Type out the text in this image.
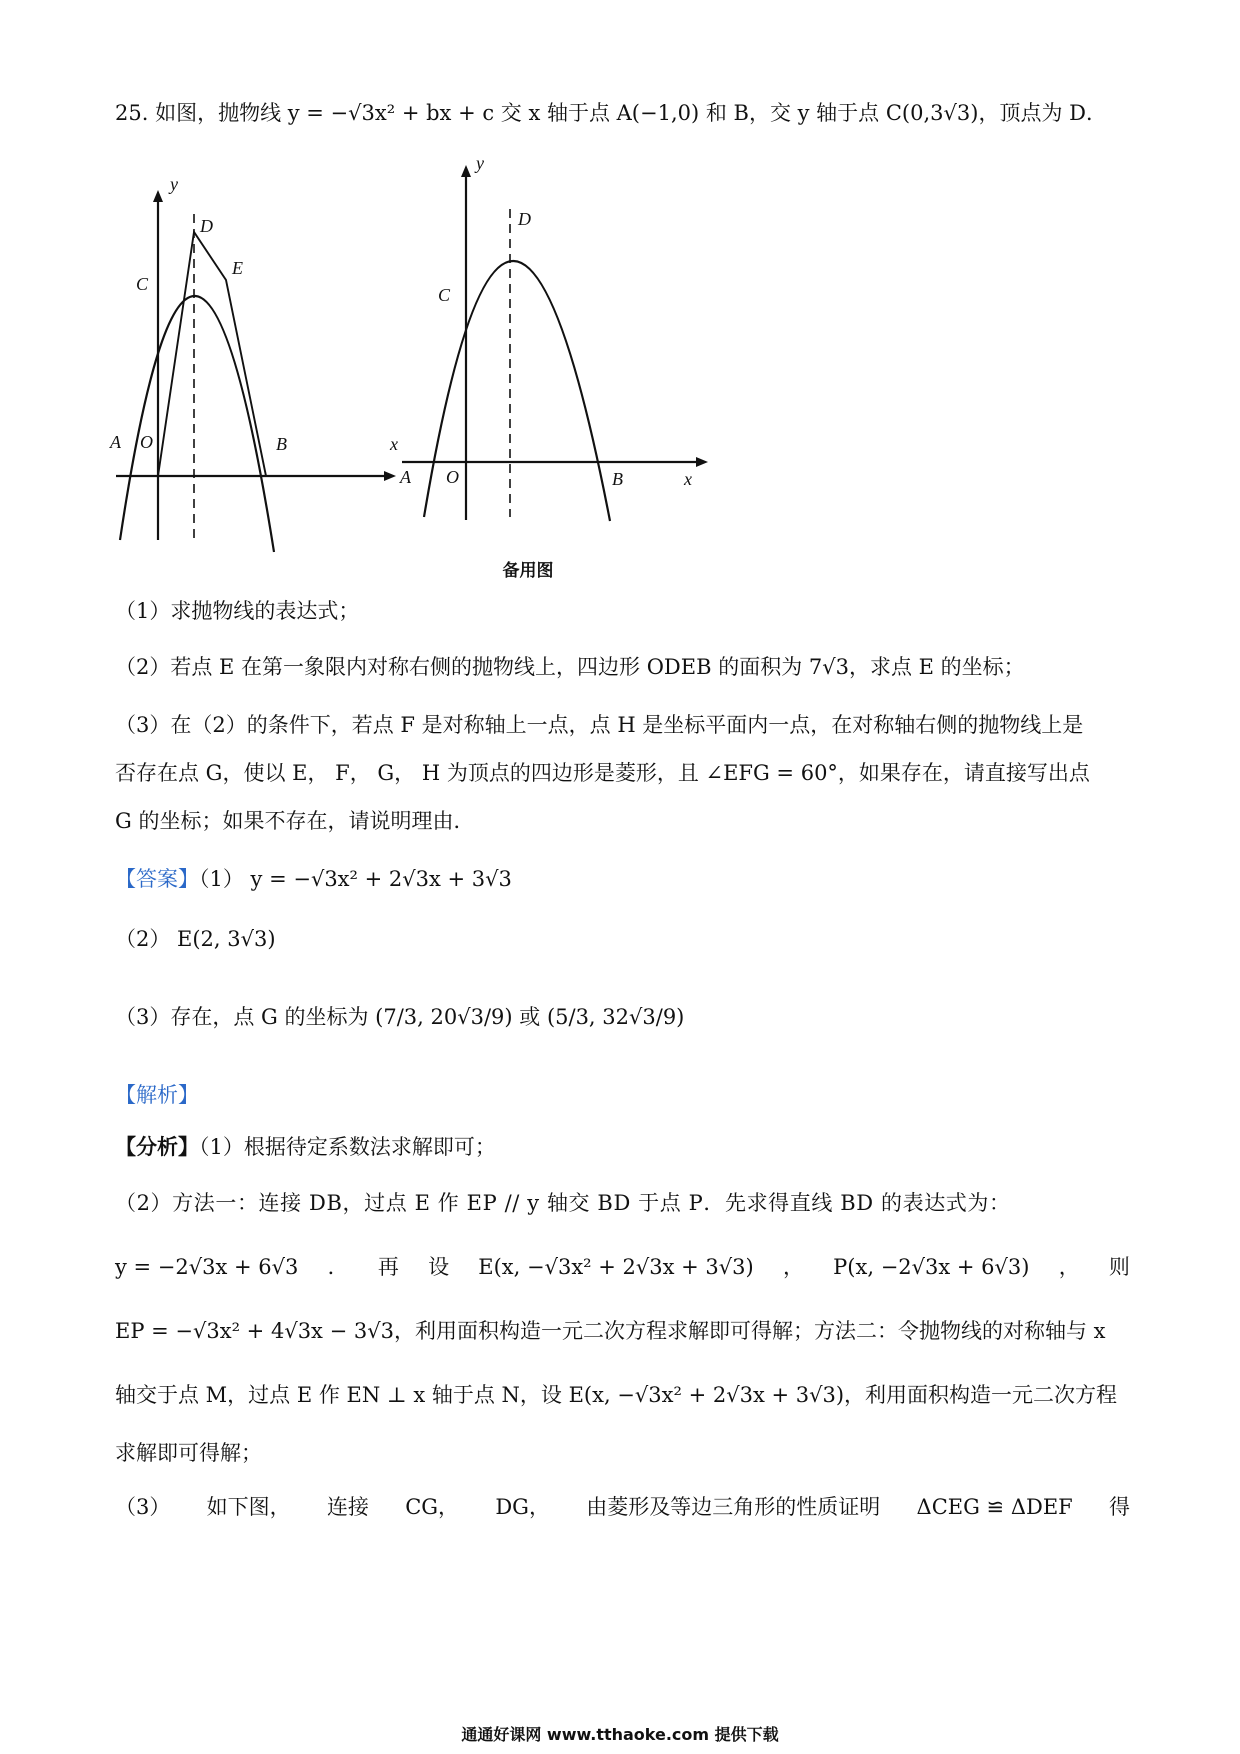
25. 如图，抛物线 y = −√3x² + bx + c 交 x 轴于点 A(−1,0) 和 B，交 y 轴于点 C(0,3√3)，顶点为 D．
y
x
C
D
E
A O	B
y
x
C
D
A O	B
备用图
（1）求抛物线的表达式；
（2）若点 E 在第一象限内对称右侧的抛物线上，四边形 ODEB 的面积为 7√3，求点 E 的坐标；
（3）在（2）的条件下，若点 F 是对称轴上一点，点 H 是坐标平面内一点，在对称轴右侧的抛物线上是
否存在点 G，使以 E， F， G， H 为顶点的四边形是菱形，且 ∠EFG = 60°，如果存在，请直接写出点
G 的坐标；如果不存在，请说明理由．
【答案】（1） y = −√3x² + 2√3x + 3√3
（2） E(2, 3√3)
（3）存在，点 G 的坐标为 (7/3, 20√3/9) 或 (5/3, 32√3/9)
【解析】
【分析】（1）根据待定系数法求解即可；
（2）方法一：连接 DB，过点 E 作 EP // y 轴交 BD 于点 P．先求得直线 BD 的表达式为：
y = −2√3x + 6√3 ． 再 设 E(x, −√3x² + 2√3x + 3√3) ， P(x, −2√3x + 6√3) ， 则
EP = −√3x² + 4√3x − 3√3，利用面积构造一元二次方程求解即可得解；方法二：令抛物线的对称轴与 x
轴交于点 M，过点 E 作 EN ⊥ x 轴于点 N，设 E(x, −√3x² + 2√3x + 3√3)，利用面积构造一元二次方程
求解即可得解；
（3） 如下图， 连接 CG， DG， 由菱形及等边三角形的性质证明 ΔCEG ≌ ΔDEF 得
通通好课网 www.tthaoke.com 提供下载
